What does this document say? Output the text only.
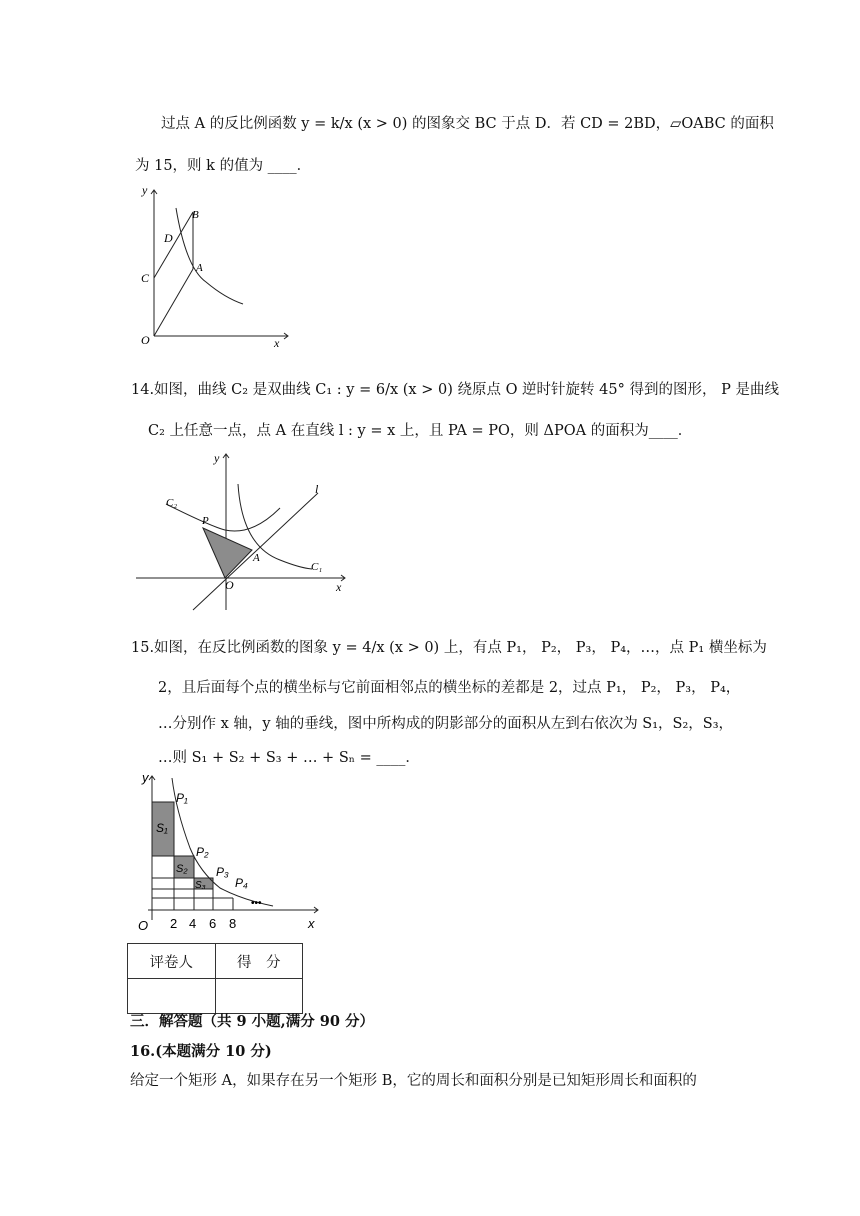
过点 A 的反比例函数 y = k/x (x > 0) 的图象交 BC 于点 D．若 CD = 2BD，▱OABC 的面积
为 15，则 k 的值为 ____．
y
x
O
C
D
B
A
14.如图，曲线 C₂ 是双曲线 C₁ : y = 6/x (x > 0) 绕原点 O 逆时针旋转 45° 得到的图形， P 是曲线
C₂ 上任意一点，点 A 在直线 l : y = x 上，且 PA = PO，则 ΔPOA 的面积为____．
y
x
O
P
A
l
C₁
C₂
15.如图，在反比例函数的图象 y = 4/x (x > 0) 上，有点 P₁， P₂， P₃， P₄，…，点 P₁ 横坐标为
2，且后面每个点的横坐标与它前面相邻点的横坐标的差都是 2，过点 P₁， P₂， P₃， P₄，
…分别作 x 轴，y 轴的垂线，图中所构成的阴影部分的面积从左到右依次为 S₁，S₂，S₃，
…则 S₁ + S₂ + S₃ + … + Sₙ = ____．
y
x
O
P₁
P₂
P₃
P₄
S₁
S₂
S₃
•••
2 4 6 8
评卷人	得　分

三．解答题（共 9 小题,满分 90 分）
16.(本题满分 10 分)
给定一个矩形 A，如果存在另一个矩形 B，它的周长和面积分别是已知矩形周长和面积的
